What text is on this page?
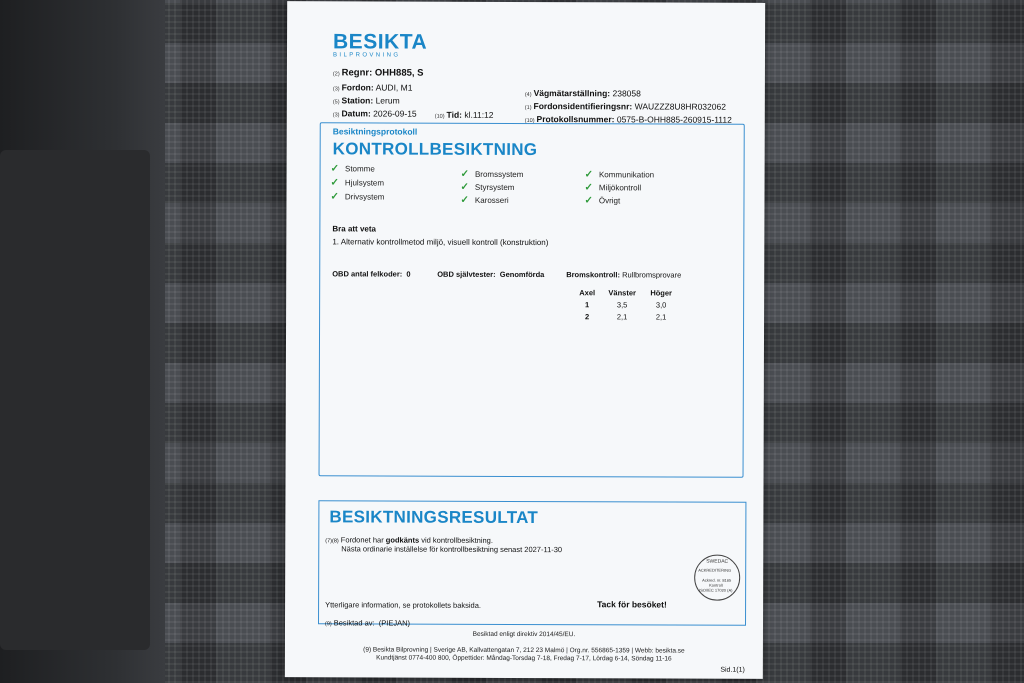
BESIKTA
BILPROVNING
(2) Regnr: OHH885, S
(3) Fordon: AUDI, M1
(5) Station: Lerum
(3) Datum: 2026-09-15	(10) Tid: kl.11:12
(4) Vägmätarställning: 238058
(1) Fordonsidentifieringsnr: WAUZZZ8U8HR032062
(10) Protokollsnummer: 0575-B-OHH885-260915-1112
Besiktningsprotokoll
KONTROLLBESIKTNING
✓ Stomme
✓ Hjulsystem
✓ Drivsystem
✓ Bromssystem
✓ Styrsystem
✓ Karosseri
✓ Kommunikation
✓ Miljökontroll
✓ Övrigt
Bra att veta
1. Alternativ kontrollmetod miljö, visuell kontroll (konstruktion)
OBD antal felkoder: 0	OBD självtester: Genomförda	Bromskontroll: Rullbromsprovare
Axel	Vänster	Höger
1	3,5	3,0
2	2,1	2,1
BESIKTNINGSRESULTAT
(7)(8) Fordonet har godkänts vid kontrollbesiktning.
Nästa ordinarie inställelse för kontrollbesiktning senast 2027-11-30
SWEDAC
ACKREDITERING
Ackred. nr. 8165
Kontroll
ISO/IEC 17020 (A)
Ytterligare information, se protokollets baksida.	Tack för besöket!
(9) Besiktad av: (PIEJAN)
Besiktad enligt direktiv 2014/45/EU.
(9) Besikta Bilprovning | Sverige AB, Kallvattengatan 7, 212 23 Malmö | Org.nr. 556865-1359 | Webb: besikta.se
Kundtjänst 0774-400 800, Öppettider: Måndag-Torsdag 7-18, Fredag 7-17, Lördag 6-14, Söndag 11-16
Sid.1(1)
